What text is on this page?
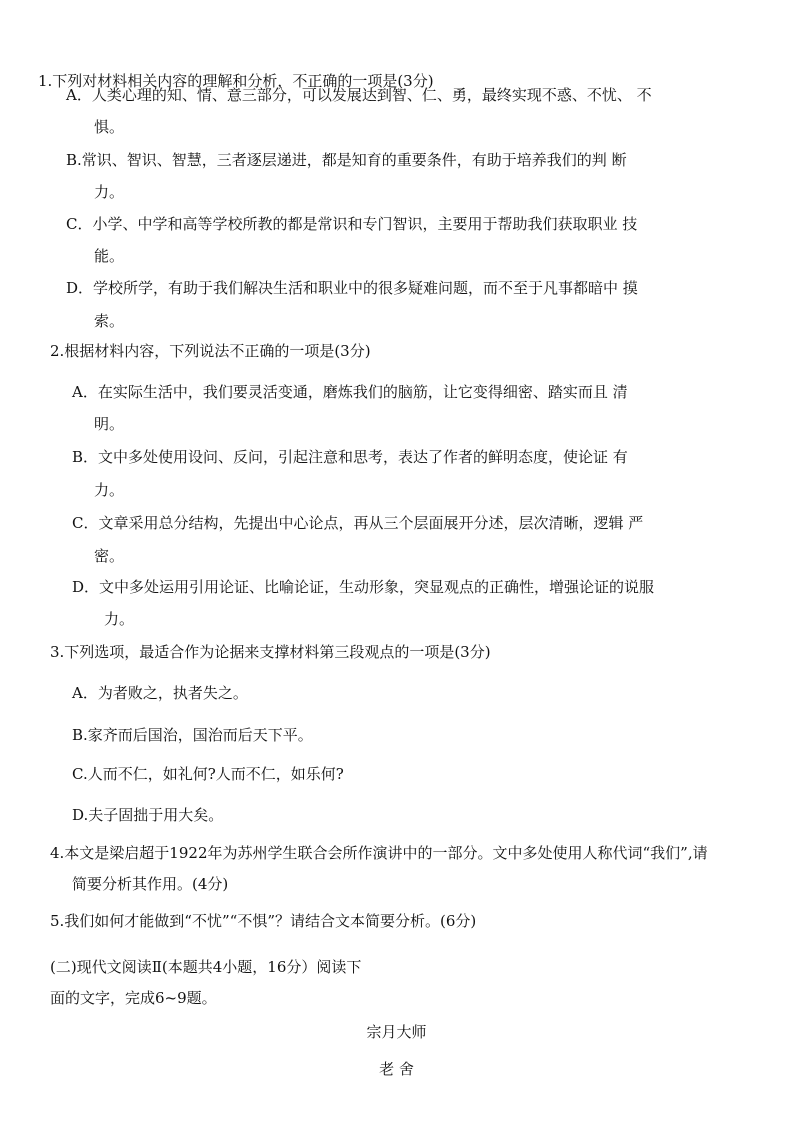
1.下列对材料相关内容的理解和分析，不正确的一项是(3分)
A．人类心理的知、情、意三部分，可以发展达到智、仁、勇，最终实现不惑、不忧、 不
惧。
B.常识、智识、智慧，三者逐层递进，都是知育的重要条件，有助于培养我们的判 断
力。
C．小学、中学和高等学校所教的都是常识和专门智识，主要用于帮助我们获取职业 技
能。
D．学校所学，有助于我们解决生活和职业中的很多疑难问题，而不至于凡事都暗中 摸
索。
2.根据材料内容，下列说法不正确的一项是(3分)
A．在实际生活中，我们要灵活变通，磨炼我们的脑筋，让它变得细密、踏实而且 清
明。
B．文中多处使用设问、反问，引起注意和思考，表达了作者的鲜明态度，使论证 有
力。
C．文章采用总分结构，先提出中心论点，再从三个层面展开分述，层次清晰，逻辑 严
密。
D．文中多处运用引用论证、比喻论证，生动形象，突显观点的正确性，增强论证的说服
力。
3.下列选项，最适合作为论据来支撑材料第三段观点的一项是(3分)
A．为者败之，执者失之。
B.家齐而后国治，国治而后天下平。
C.人而不仁，如礼何?人而不仁，如乐何?
D.夫子固拙于用大矣。
4.本文是梁启超于1922年为苏州学生联合会所作演讲中的一部分。文中多处使用人称代词“我们”,请
简要分析其作用。(4分)
5.我们如何才能做到“不忧”“不惧”？请结合文本简要分析。(6分)
(二)现代文阅读Ⅱ(本题共4小题，16分）阅读下
面的文字，完成6~9题。
宗月大师
老 舍
